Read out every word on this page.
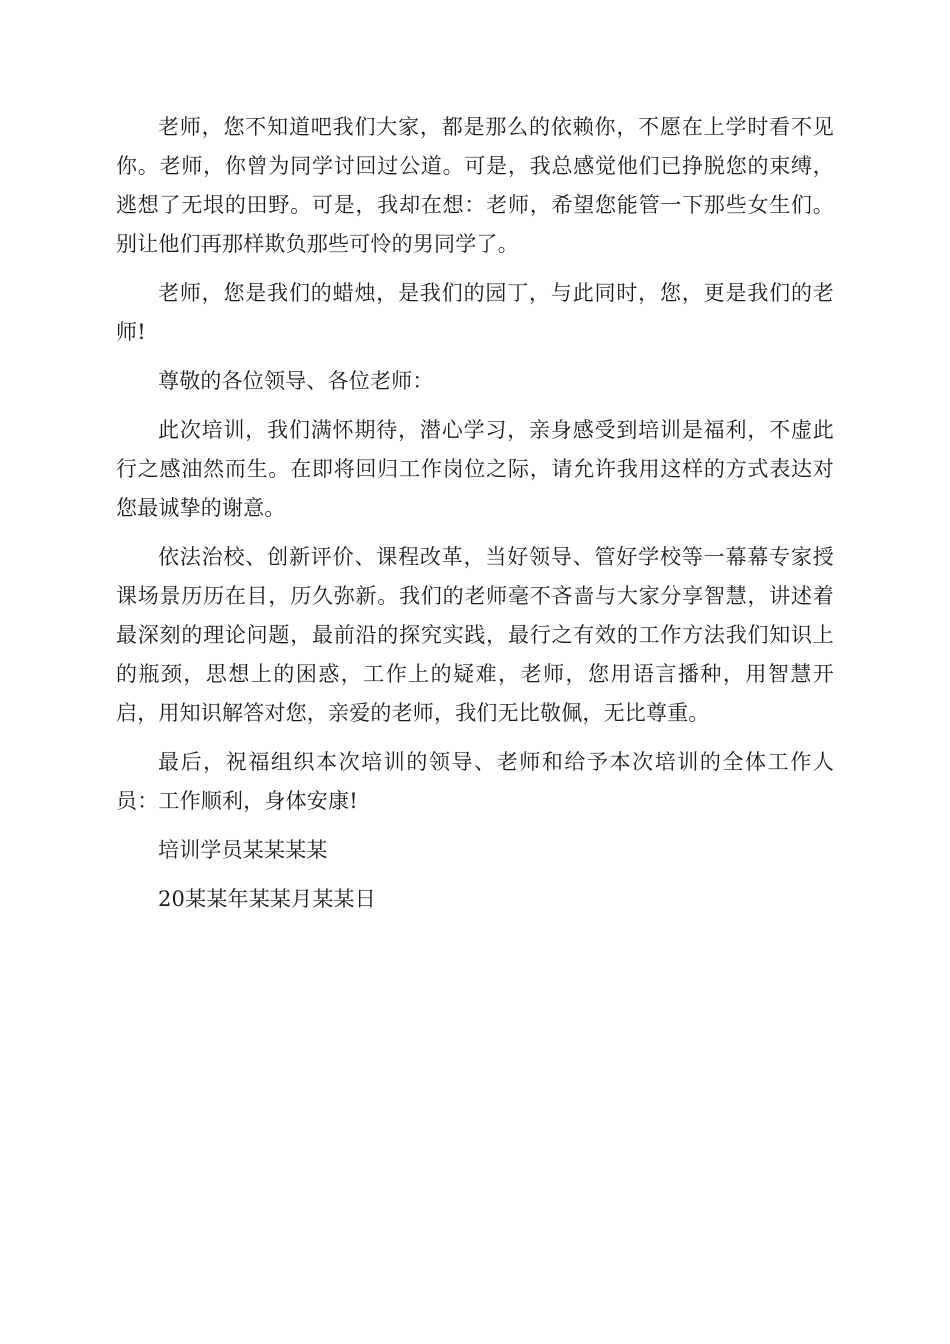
老师，您不知道吧我们大家，都是那么的依赖你，不愿在上学时看不见你。老师，你曾为同学讨回过公道。可是，我总感觉他们已挣脱您的束缚，逃想了无垠的田野。可是，我却在想：老师，希望您能管一下那些女生们。别让他们再那样欺负那些可怜的男同学了。

老师，您是我们的蜡烛，是我们的园丁，与此同时，您，更是我们的老师!

尊敬的各位领导、各位老师：

此次培训，我们满怀期待，潜心学习，亲身感受到培训是福利，不虚此行之感油然而生。在即将回归工作岗位之际，请允许我用这样的方式表达对您最诚挚的谢意。

依法治校、创新评价、课程改革，当好领导、管好学校等一幕幕专家授课场景历历在目，历久弥新。我们的老师毫不吝啬与大家分享智慧，讲述着最深刻的理论问题，最前沿的探究实践，最行之有效的工作方法我们知识上的瓶颈，思想上的困惑，工作上的疑难，老师，您用语言播种，用智慧开启，用知识解答对您，亲爱的老师，我们无比敬佩，无比尊重。

最后，祝福组织本次培训的领导、老师和给予本次培训的全体工作人员：工作顺利，身体安康!

培训学员某某某某

20某某年某某月某某日
